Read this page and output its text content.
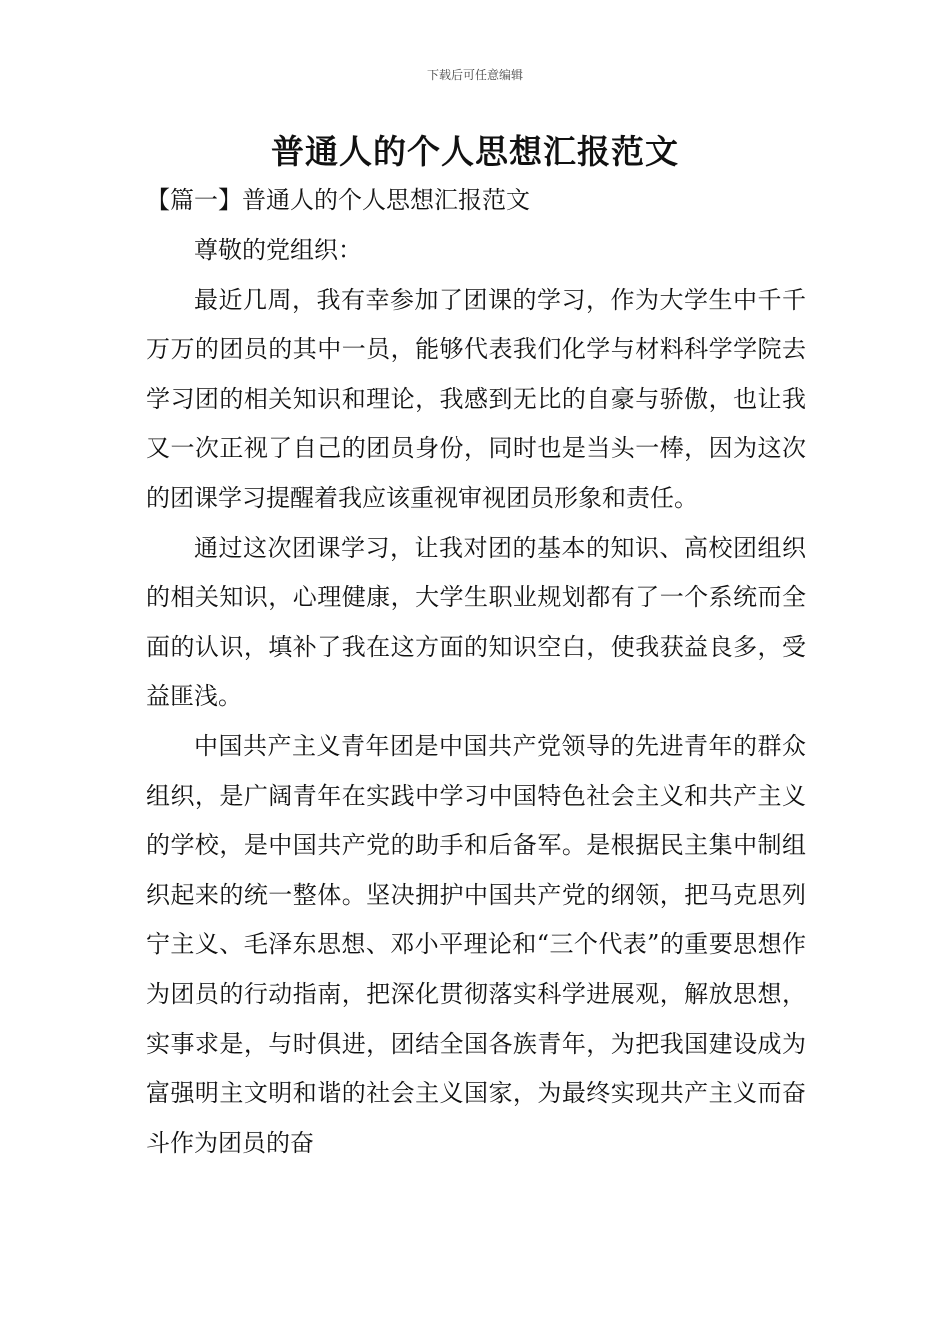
下载后可任意编辑
普通人的个人思想汇报范文
【篇一】普通人的个人思想汇报范文

尊敬的党组织：

最近几周，我有幸参加了团课的学习，作为大学生中千千万万的团员的其中一员，能够代表我们化学与材料科学学院去学习团的相关知识和理论，我感到无比的自豪与骄傲，也让我又一次正视了自己的团员身份，同时也是当头一棒，因为这次的团课学习提醒着我应该重视审视团员形象和责任。

通过这次团课学习，让我对团的基本的知识、高校团组织的相关知识，心理健康，大学生职业规划都有了一个系统而全面的认识，填补了我在这方面的知识空白，使我获益良多，受益匪浅。

中国共产主义青年团是中国共产党领导的先进青年的群众组织，是广阔青年在实践中学习中国特色社会主义和共产主义的学校，是中国共产党的助手和后备军。是根据民主集中制组织起来的统一整体。坚决拥护中国共产党的纲领，把马克思列宁主义、毛泽东思想、邓小平理论和“三个代表”的重要思想作为团员的行动指南，把深化贯彻落实科学进展观，解放思想，实事求是，与时俱进，团结全国各族青年，为把我国建设成为富强明主文明和谐的社会主义国家，为最终实现共产主义而奋斗作为团员的奋
